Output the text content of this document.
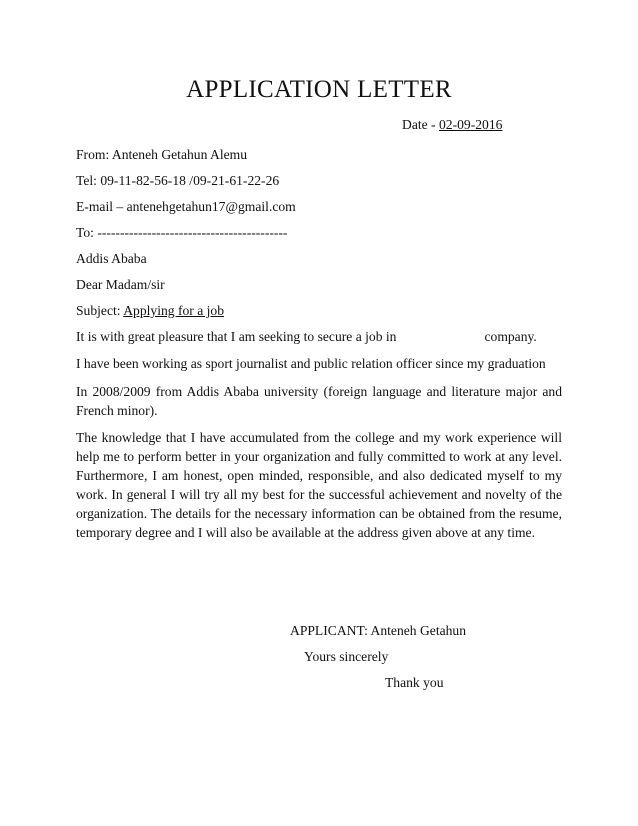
APPLICATION LETTER
Date - 02-09-2016
From: Anteneh Getahun Alemu
Tel: 09-11-82-56-18 /09-21-61-22-26
E-mail – antenehgetahun17@gmail.com
To: ------------------------------------------
Addis Ababa
Dear Madam/sir
Subject: Applying for a job
It is with great pleasure that I am seeking to secure a job in	company.
I have been working as sport journalist and public relation officer since my graduation
In 2008/2009 from Addis Ababa university (foreign language and literature major and French minor).
The knowledge that I have accumulated from the college and my work experience will help me to perform better in your organization and fully committed to work at any level. Furthermore, I am honest, open minded, responsible, and also dedicated myself to my work. In general I will try all my best for the successful achievement and novelty of the organization. The details for the necessary information can be obtained from the resume, temporary degree and I will also be available at the address given above at any time.
APPLICANT: Anteneh Getahun
Yours sincerely
Thank you
